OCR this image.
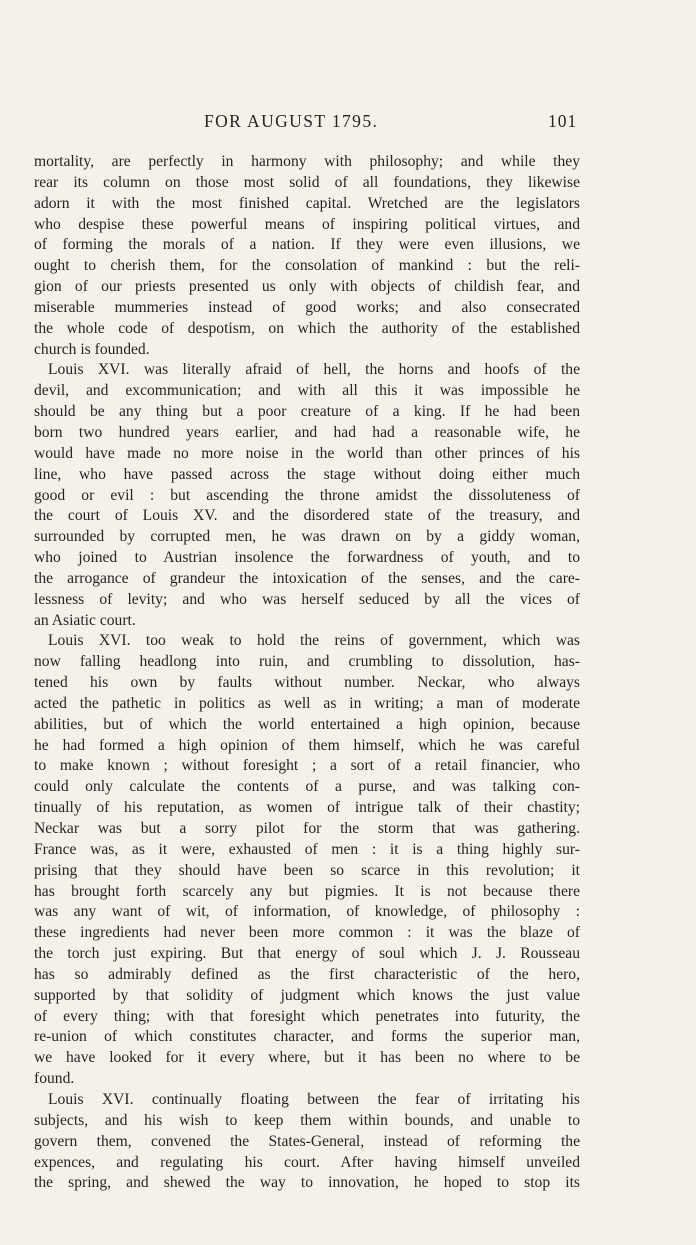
FOR AUGUST 1795.	101
mortality, are perfectly in harmony with philosophy; and while they
rear its column on those most solid of all foundations, they likewise
adorn it with the most finished capital. Wretched are the legislators
who despise these powerful means of inspiring political virtues, and
of forming the morals of a nation. If they were even illusions, we
ought to cherish them, for the consolation of mankind : but the reli-
gion of our priests presented us only with objects of childish fear, and
miserable mummeries instead of good works; and also consecrated
the whole code of despotism, on which the authority of the established
church is founded.
Louis XVI. was literally afraid of hell, the horns and hoofs of the
devil, and excommunication; and with all this it was impossible he
should be any thing but a poor creature of a king. If he had been
born two hundred years earlier, and had had a reasonable wife, he
would have made no more noise in the world than other princes of his
line, who have passed across the stage without doing either much
good or evil : but ascending the throne amidst the dissoluteness of
the court of Louis XV. and the disordered state of the treasury, and
surrounded by corrupted men, he was drawn on by a giddy woman,
who joined to Austrian insolence the forwardness of youth, and to
the arrogance of grandeur the intoxication of the senses, and the care-
lessness of levity; and who was herself seduced by all the vices of
an Asiatic court.
Louis XVI. too weak to hold the reins of government, which was
now falling headlong into ruin, and crumbling to dissolution, has-
tened his own by faults without number. Neckar, who always
acted the pathetic in politics as well as in writing; a man of moderate
abilities, but of which the world entertained a high opinion, because
he had formed a high opinion of them himself, which he was careful
to make known ; without foresight ; a sort of a retail financier, who
could only calculate the contents of a purse, and was talking con-
tinually of his reputation, as women of intrigue talk of their chastity;
Neckar was but a sorry pilot for the storm that was gathering.
France was, as it were, exhausted of men : it is a thing highly sur-
prising that they should have been so scarce in this revolution; it
has brought forth scarcely any but pigmies. It is not because there
was any want of wit, of information, of knowledge, of philosophy :
these ingredients had never been more common : it was the blaze of
the torch just expiring. But that energy of soul which J. J. Rousseau
has so admirably defined as the first characteristic of the hero,
supported by that solidity of judgment which knows the just value
of every thing; with that foresight which penetrates into futurity, the
re-union of which constitutes character, and forms the superior man,
we have looked for it every where, but it has been no where to be
found.
Louis XVI. continually floating between the fear of irritating his
subjects, and his wish to keep them within bounds, and unable to
govern them, convened the States-General, instead of reforming the
expences, and regulating his court. After having himself unveiled
the spring, and shewed the way to innovation, he hoped to stop its
